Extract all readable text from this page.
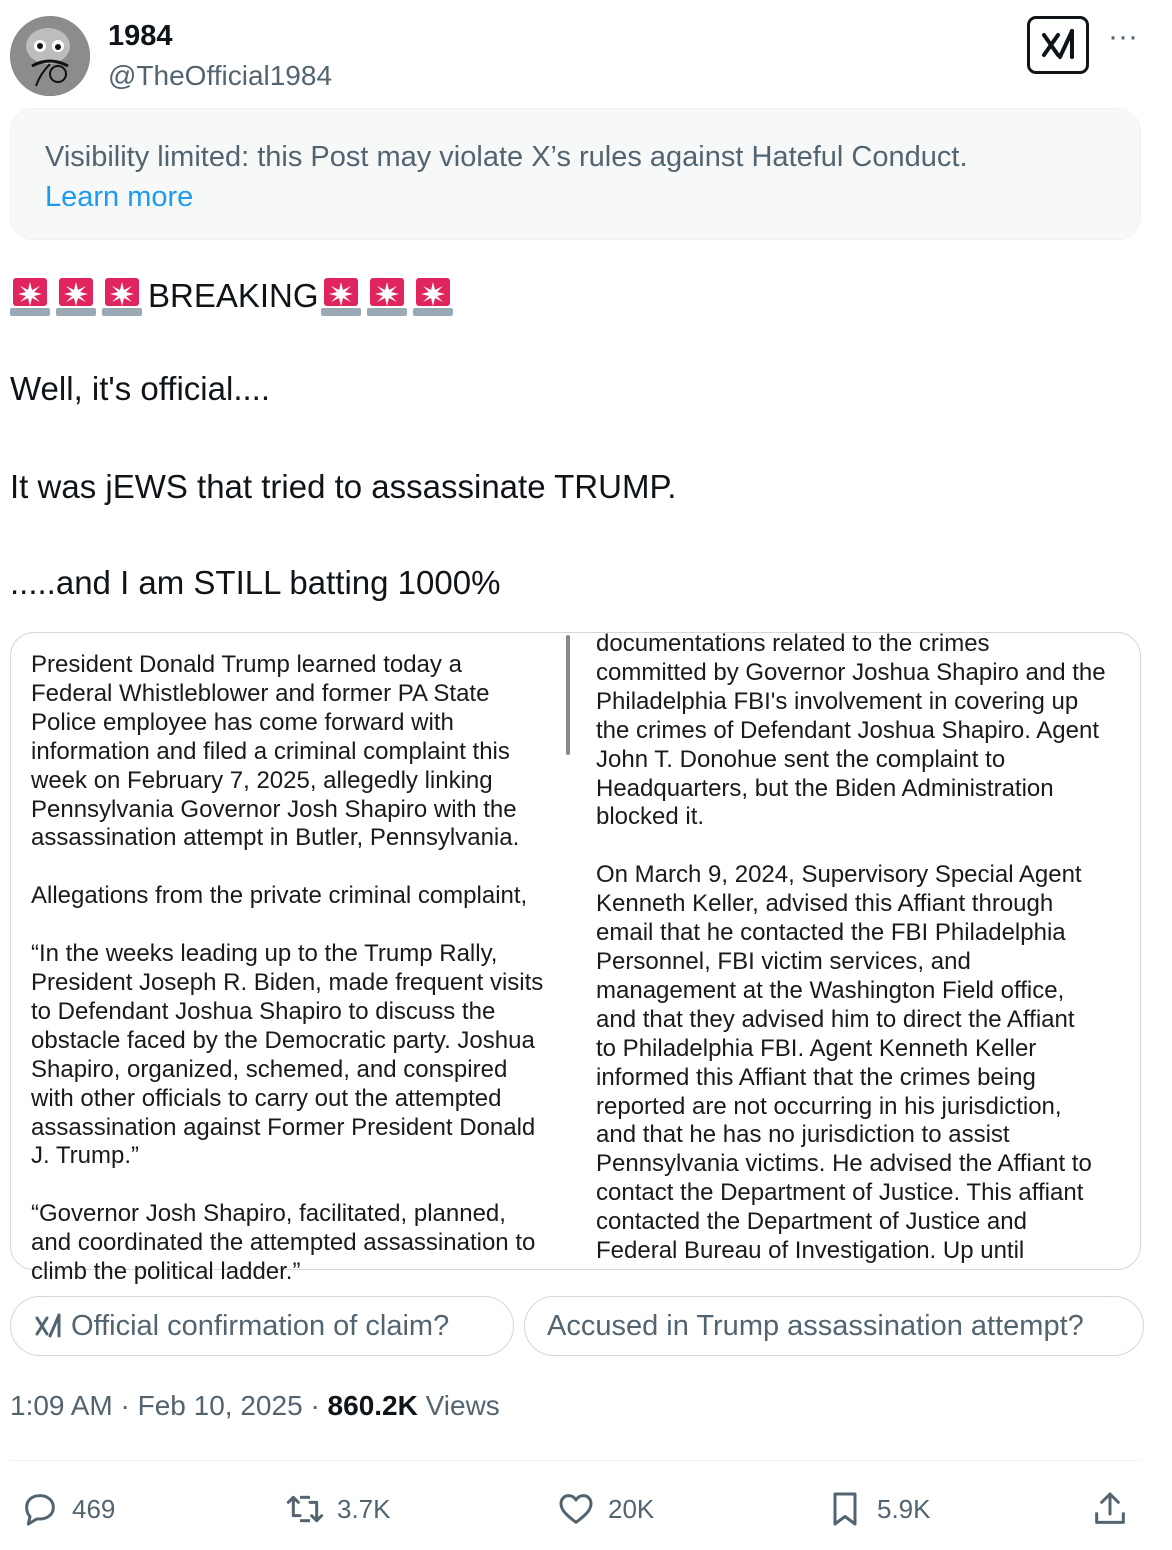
1984
@TheOfficial1984
···
Visibility limited: this Post may violate X’s rules against Hateful Conduct.
Learn more
BREAKING
Well, it's official....
It was jEWS that tried to assassinate TRUMP.
.....and I am STILL batting 1000%
President Donald Trump learned today a
Federal Whistleblower and former PA State
Police employee has come forward with
information and filed a criminal complaint this
week on February 7, 2025, allegedly linking
Pennsylvania Governor Josh Shapiro with the
assassination attempt in Butler, Pennsylvania.

Allegations from the private criminal complaint,

“In the weeks leading up to the Trump Rally,
President Joseph R. Biden, made frequent visits
to Defendant Joshua Shapiro to discuss the
obstacle faced by the Democratic party. Joshua
Shapiro, organized, schemed, and conspired
with other officials to carry out the attempted
assassination against Former President Donald
J. Trump.”

“Governor Josh Shapiro, facilitated, planned,
and coordinated the attempted assassination to
climb the political ladder.”
documentations related to the crimes
committed by Governor Joshua Shapiro and the
Philadelphia FBI's involvement in covering up
the crimes of Defendant Joshua Shapiro. Agent
John T. Donohue sent the complaint to
Headquarters, but the Biden Administration
blocked it.

On March 9, 2024, Supervisory Special Agent
Kenneth Keller, advised this Affiant through
email that he contacted the FBI Philadelphia
Personnel, FBI victim services, and
management at the Washington Field office,
and that they advised him to direct the Affiant
to Philadelphia FBI. Agent Kenneth Keller
informed this Affiant that the crimes being
reported are not occurring in his jurisdiction,
and that he has no jurisdiction to assist
Pennsylvania victims. He advised the Affiant to
contact the Department of Justice. This affiant
contacted the Department of Justice and
Federal Bureau of Investigation. Up until
Official confirmation of claim?	Accused in Trump assassination attempt?
1:09 AM · Feb 10, 2025 · 860.2K Views
469	3.7K	20K	5.9K
